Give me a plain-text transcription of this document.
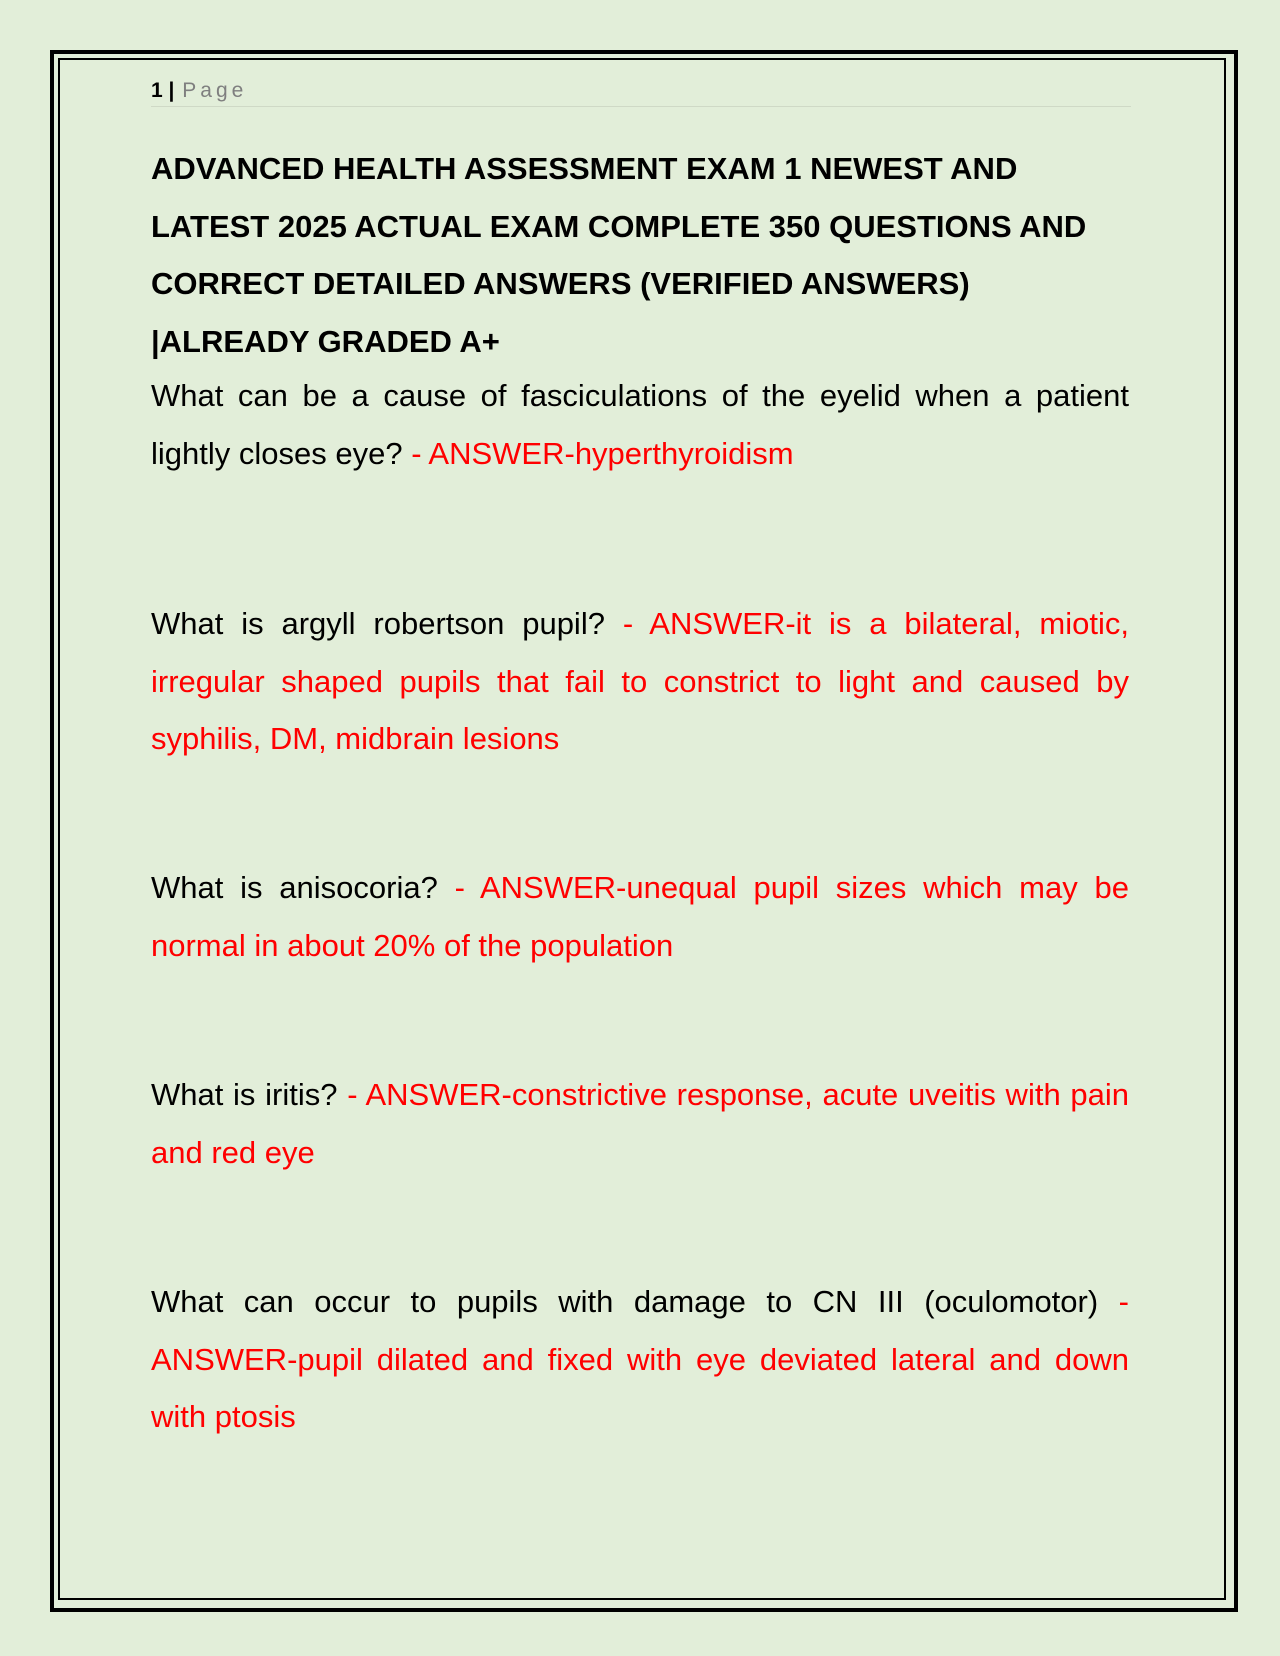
1 | Page
ADVANCED HEALTH ASSESSMENT EXAM 1 NEWEST AND LATEST 2025 ACTUAL EXAM COMPLETE 350 QUESTIONS AND CORRECT DETAILED ANSWERS (VERIFIED ANSWERS) |ALREADY GRADED A+

What can be a cause of fasciculations of the eyelid when a patient lightly closes eye? - ANSWER-hyperthyroidism

What is argyll robertson pupil? - ANSWER-it is a bilateral, miotic, irregular shaped pupils that fail to constrict to light and caused by syphilis, DM, midbrain lesions

What is anisocoria? - ANSWER-unequal pupil sizes which may be normal in about 20% of the population

What is iritis? - ANSWER-constrictive response, acute uveitis with pain and red eye

What can occur to pupils with damage to CN III (oculomotor) - ANSWER-pupil dilated and fixed with eye deviated lateral and down with ptosis
